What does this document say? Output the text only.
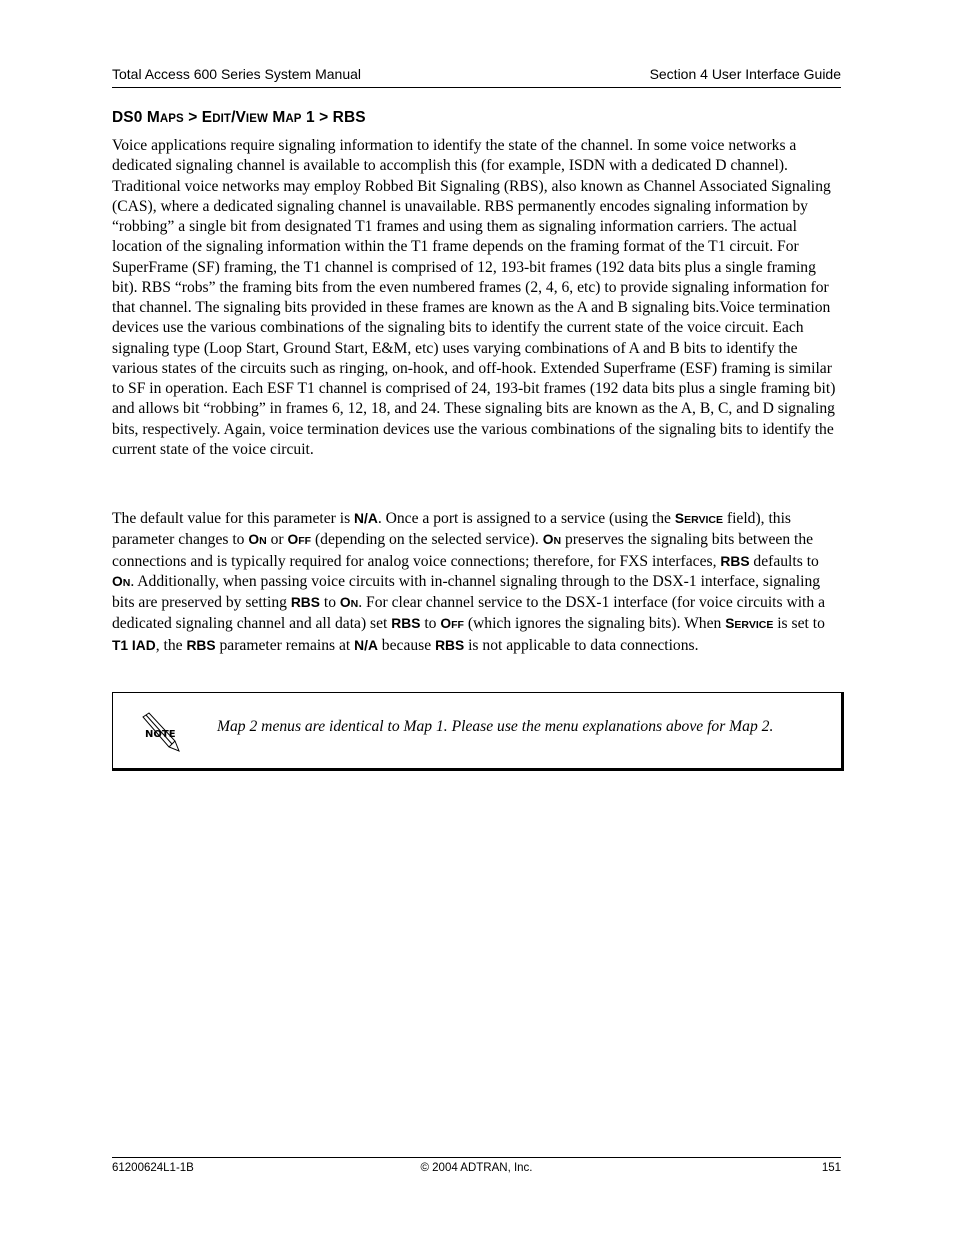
Total Access 600 Series System Manual	Section 4 User Interface Guide
DS0 MAPS > EDIT/VIEW MAP 1 > RBS

Voice applications require signaling information to identify the state of the channel. In some voice networks a dedicated signaling channel is available to accomplish this (for example, ISDN with a dedicated D channel). Traditional voice networks may employ Robbed Bit Signaling (RBS), also known as Channel Associated Signaling (CAS), where a dedicated signaling channel is unavailable. RBS permanently encodes signaling information by “robbing” a single bit from designated T1 frames and using them as signaling information carriers. The actual location of the signaling information within the T1 frame depends on the framing format of the T1 circuit. For SuperFrame (SF) framing, the T1 channel is comprised of 12, 193-bit frames (192 data bits plus a single framing bit). RBS “robs” the framing bits from the even numbered frames (2, 4, 6, etc) to provide signaling information for that channel. The signaling bits provided in these frames are known as the A and B signaling bits.Voice termination devices use the various combinations of the signaling bits to identify the current state of the voice circuit. Each signaling type (Loop Start, Ground Start, E&M, etc) uses varying combinations of A and B bits to identify the various states of the circuits such as ringing, on-hook, and off-hook. Extended Superframe (ESF) framing is similar to SF in operation. Each ESF T1 channel is comprised of 24, 193-bit frames (192 data bits plus a single framing bit) and allows bit “robbing” in frames 6, 12, 18, and 24. These signaling bits are known as the A, B, C, and D signaling bits, respectively. Again, voice termination devices use the various combinations of the signaling bits to identify the current state of the voice circuit.

The default value for this parameter is N/A. Once a port is assigned to a service (using the SERVICE field), this parameter changes to ON or OFF (depending on the selected service). ON preserves the signaling bits between the connections and is typically required for analog voice connections; therefore, for FXS interfaces, RBS defaults to ON. Additionally, when passing voice circuits with in-channel signaling through to the DSX-1 interface, signaling bits are preserved by setting RBS to ON. For clear channel service to the DSX-1 interface (for voice circuits with a dedicated signaling channel and all data) set RBS to OFF (which ignores the signaling bits). When SERVICE is set to T1 IAD, the RBS parameter remains at N/A because RBS is not applicable to data connections.

NOTE	Map 2 menus are identical to Map 1. Please use the menu explanations above for Map 2.
61200624L1-1B	© 2004 ADTRAN, Inc.	151
